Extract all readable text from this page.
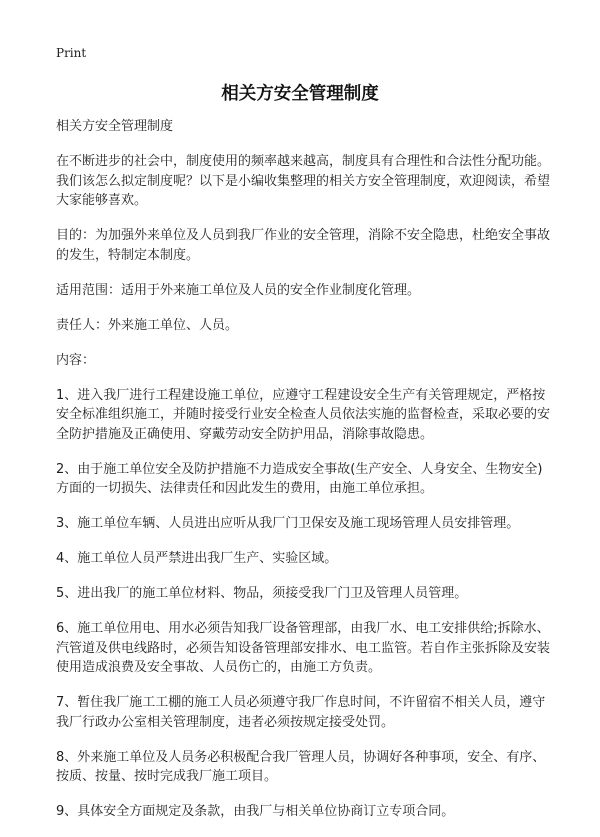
Print

相关方安全管理制度

相关方安全管理制度

在不断进步的社会中，制度使用的频率越来越高，制度具有合理性和合法性分配功能。我们该怎么拟定制度呢？以下是小编收集整理的相关方安全管理制度，欢迎阅读，希望大家能够喜欢。

目的：为加强外来单位及人员到我厂作业的安全管理，消除不安全隐患，杜绝安全事故的发生，特制定本制度。

适用范围：适用于外来施工单位及人员的安全作业制度化管理。

责任人：外来施工单位、人员。

内容：

1、进入我厂进行工程建设施工单位，应遵守工程建设安全生产有关管理规定，严格按安全标准组织施工，并随时接受行业安全检查人员依法实施的监督检查，采取必要的安全防护措施及正确使用、穿戴劳动安全防护用品，消除事故隐患。

2、由于施工单位安全及防护措施不力造成安全事故(生产安全、人身安全、生物安全)方面的一切损失、法律责任和因此发生的费用，由施工单位承担。

3、施工单位车辆、人员进出应听从我厂门卫保安及施工现场管理人员安排管理。

4、施工单位人员严禁进出我厂生产、实验区域。

5、进出我厂的施工单位材料、物品，须接受我厂门卫及管理人员管理。

6、施工单位用电、用水必须告知我厂设备管理部，由我厂水、电工安排供给;拆除水、汽管道及供电线路时，必须告知设备管理部安排水、电工监管。若自作主张拆除及安装使用造成浪费及安全事故、人员伤亡的，由施工方负责。

7、暂住我厂施工工棚的施工人员必须遵守我厂作息时间，不许留宿不相关人员，遵守我厂行政办公室相关管理制度，违者必须按规定接受处罚。

8、外来施工单位及人员务必积极配合我厂管理人员，协调好各种事项，安全、有序、按质、按量、按时完成我厂施工项目。

9、具体安全方面规定及条款，由我厂与相关单位协商订立专项合同。
